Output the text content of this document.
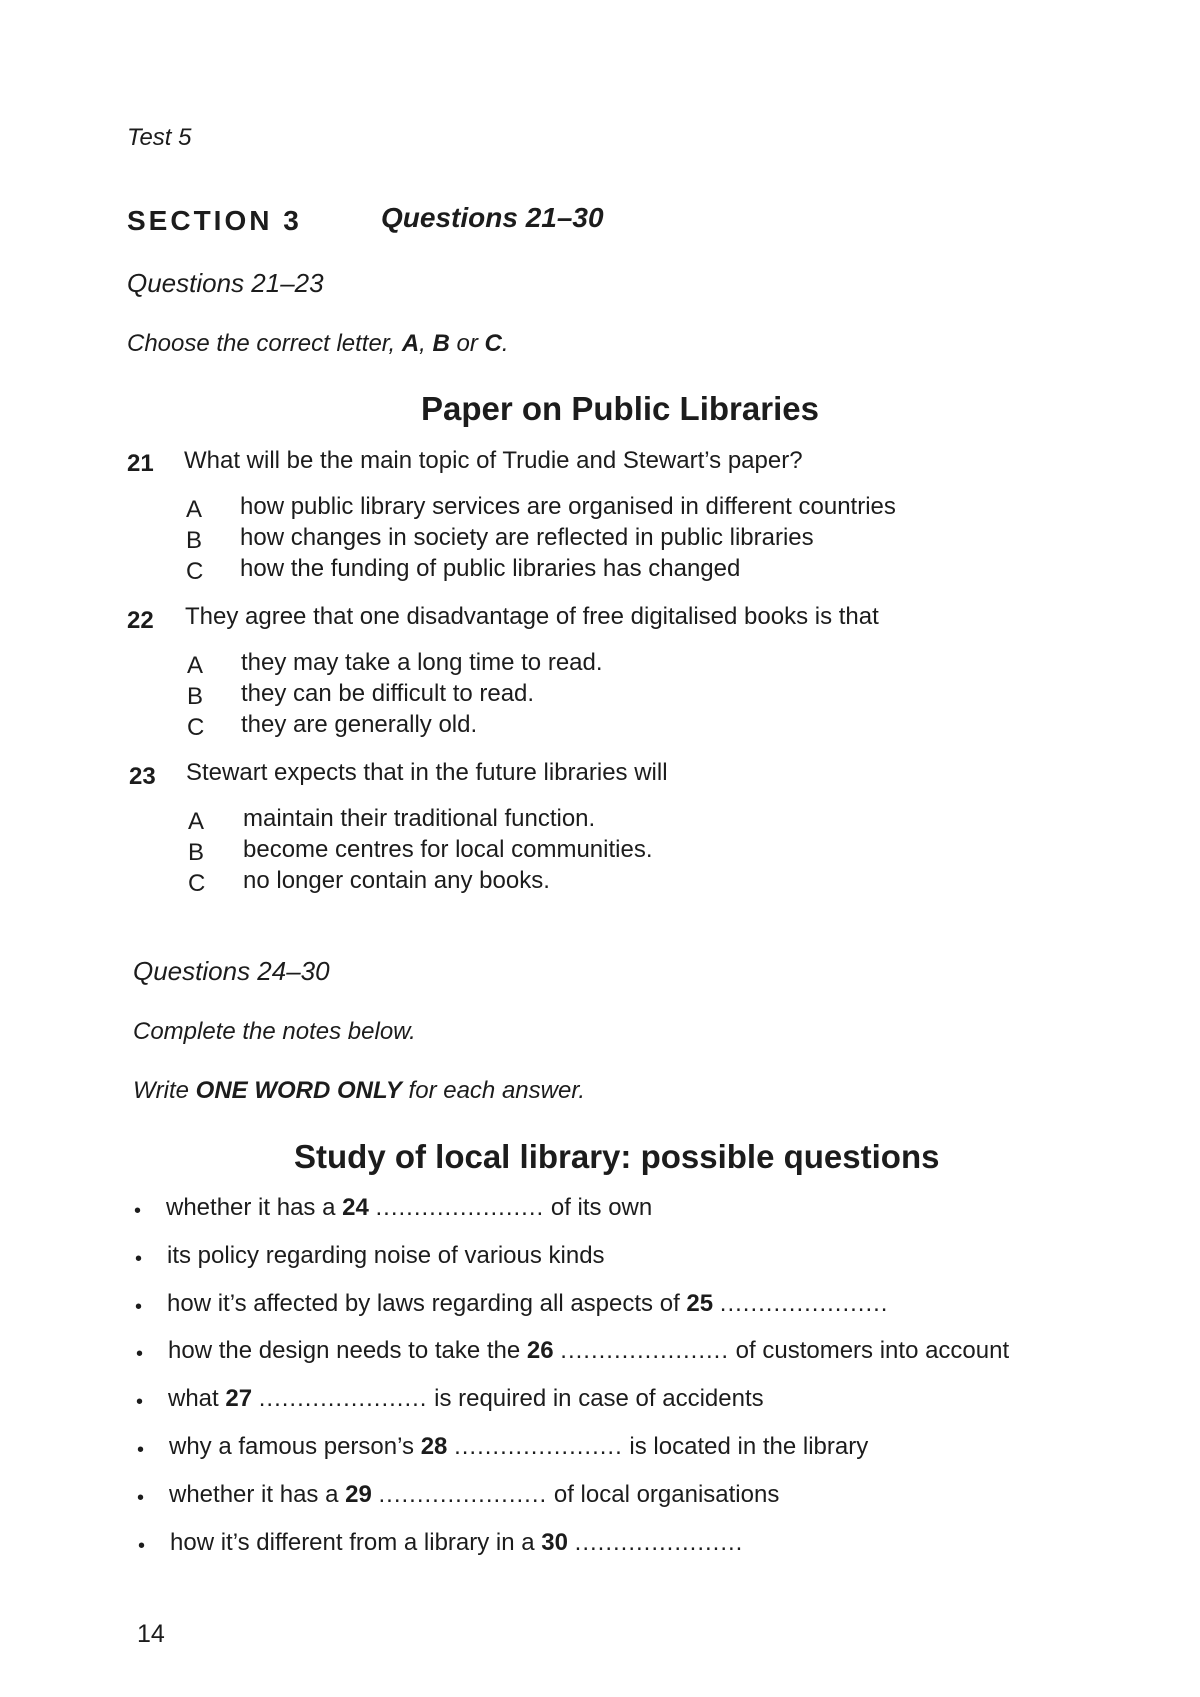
Test 5
SECTION 3	Questions 21–30
Questions 21–23
Choose the correct letter, A, B or C.
Paper on Public Libraries
21 What will be the main topic of Trudie and Stewart’s paper?
A how public library services are organised in different countries
B how changes in society are reflected in public libraries
C how the funding of public libraries has changed
22 They agree that one disadvantage of free digitalised books is that
A they may take a long time to read.
B they can be difficult to read.
C they are generally old.
23 Stewart expects that in the future libraries will
A maintain their traditional function.
B become centres for local communities.
C no longer contain any books.
Questions 24–30
Complete the notes below.
Write ONE WORD ONLY for each answer.
Study of local library: possible questions
• whether it has a 24 ...................... of its own
• its policy regarding noise of various kinds
• how it’s affected by laws regarding all aspects of 25 ......................
• how the design needs to take the 26 ...................... of customers into account
• what 27 ...................... is required in case of accidents
• why a famous person’s 28 ...................... is located in the library
• whether it has a 29 ...................... of local organisations
• how it’s different from a library in a 30 ......................
14
